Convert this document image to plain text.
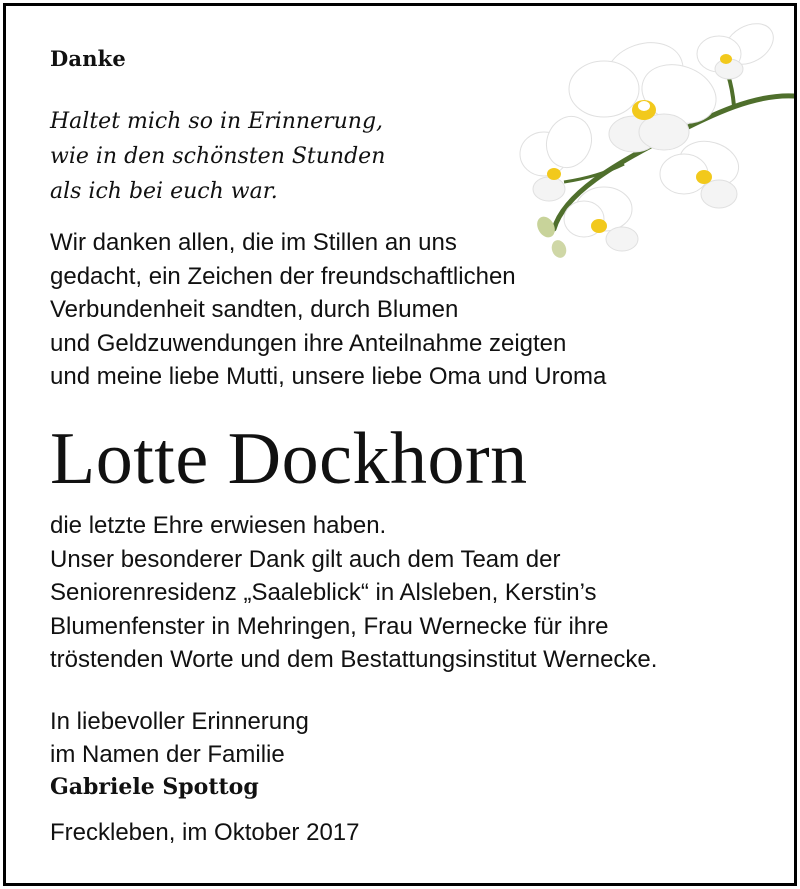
Danke
Haltet mich so in Erinnerung,
wie in den schönsten Stunden
als ich bei euch war.
Wir danken allen, die im Stillen an uns
gedacht, ein Zeichen der freundschaftlichen
Verbundenheit sandten, durch Blumen
und Geldzuwendungen ihre Anteilnahme zeigten
und meine liebe Mutti, unsere liebe Oma und Uroma
Lotte Dockhorn
die letzte Ehre erwiesen haben.
Unser besonderer Dank gilt auch dem Team der
Seniorenresidenz „Saaleblick“ in Alsleben, Kerstin’s
Blumenfenster in Mehringen, Frau Wernecke für ihre
tröstenden Worte und dem Bestattungsinstitut Wernecke.
In liebevoller Erinnerung
im Namen der Familie
Gabriele Spottog
Freckleben, im Oktober 2017
